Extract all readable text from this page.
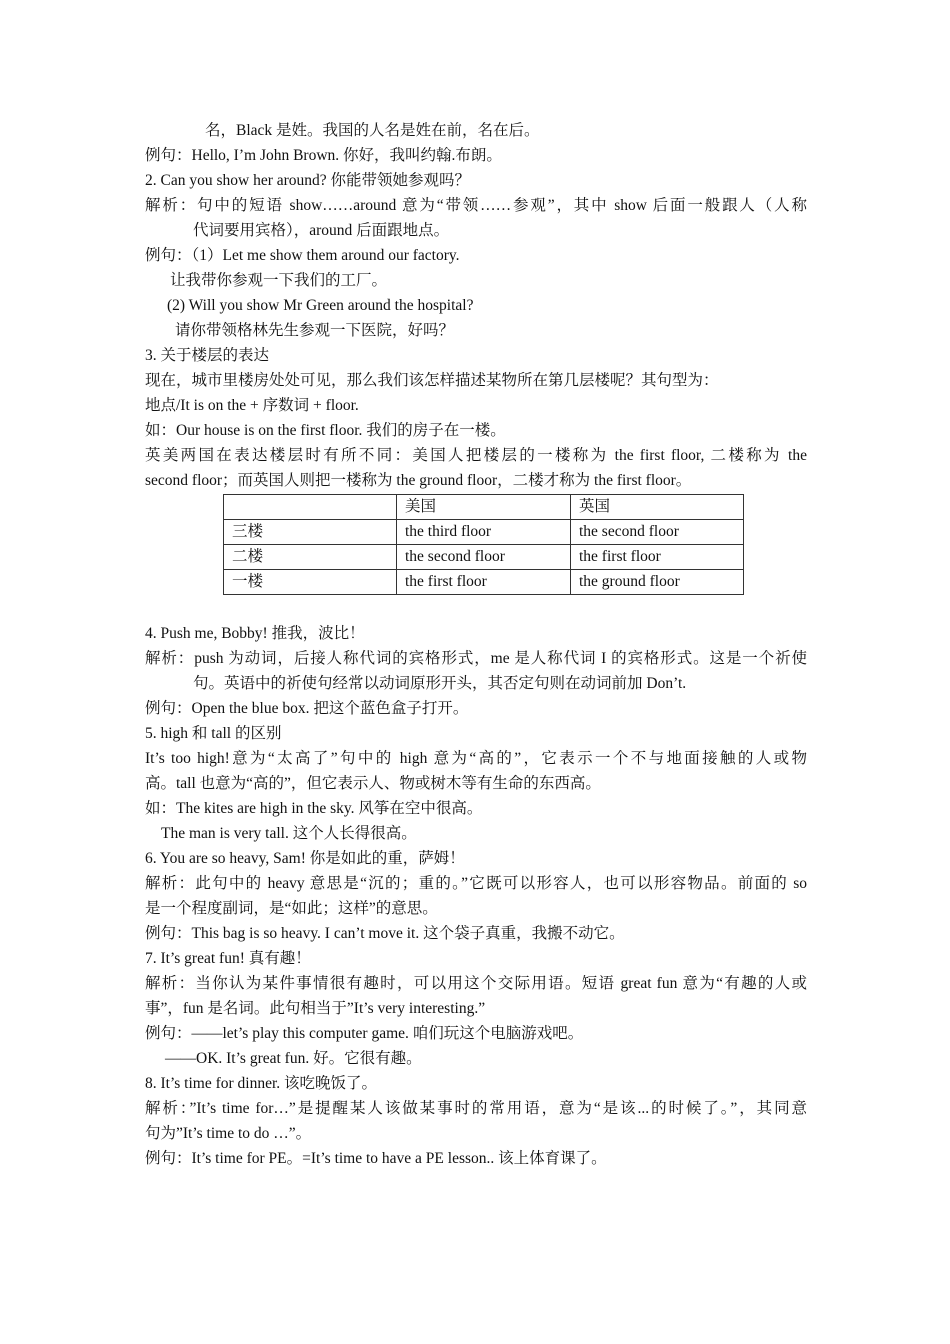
名，Black 是姓。我国的人名是姓在前，名在后。
例句：Hello, I’m John Brown. 你好，我叫约翰.布朗。
2. Can you show her around? 你能带领她参观吗？
解析：句中的短语 show……around 意为“带领……参观”，其中 show 后面一般跟人（人称
代词要用宾格），around 后面跟地点。
例句：（1）Let me show them around our factory.
让我带你参观一下我们的工厂。
(2) Will you show Mr Green around the hospital?
请你带领格林先生参观一下医院，好吗？
3. 关于楼层的表达
现在，城市里楼房处处可见，那么我们该怎样描述某物所在第几层楼呢？其句型为：
地点/It is on the + 序数词 + floor.
如：Our house is on the first floor. 我们的房子在一楼。
英美两国在表达楼层时有所不同：美国人把楼层的一楼称为 the first floor, 二楼称为 the
second floor；而英国人则把一楼称为 the ground floor，二楼才称为 the first floor。
	美国	英国
三楼	the third floor	the second floor
二楼	the second floor	the first floor
一楼	the first floor	the ground floor
4. Push me, Bobby! 推我，波比！
解析：push 为动词，后接人称代词的宾格形式，me 是人称代词 I 的宾格形式。这是一个祈使
句。英语中的祈使句经常以动词原形开头，其否定句则在动词前加 Don’t.
例句：Open the blue box. 把这个蓝色盒子打开。
5. high 和 tall 的区别
It’s too high!意为“太高了”句中的 high 意为“高的”，它表示一个不与地面接触的人或物
高。tall 也意为“高的”，但它表示人、物或树木等有生命的东西高。
如：The kites are high in the sky. 风筝在空中很高。
The man is very tall. 这个人长得很高。
6. You are so heavy, Sam! 你是如此的重，萨姆！
解析：此句中的 heavy 意思是“沉的；重的。”它既可以形容人，也可以形容物品。前面的 so
是一个程度副词，是“如此；这样”的意思。
例句：This bag is so heavy. I can’t move it. 这个袋子真重，我搬不动它。
7. It’s great fun! 真有趣！
解析：当你认为某件事情很有趣时，可以用这个交际用语。短语 great fun 意为“有趣的人或
事”，fun 是名词。此句相当于”It’s very interesting.”
例句：——let’s play this computer game. 咱们玩这个电脑游戏吧。
——OK. It’s great fun. 好。它很有趣。
8. It’s time for dinner. 该吃晚饭了。
解析：”It’s time for…”是提醒某人该做某事时的常用语，意为“是该...的时候了。”，其同意
句为”It’s time to do …”。
例句：It’s time for PE。=It’s time to have a PE lesson.. 该上体育课了。
